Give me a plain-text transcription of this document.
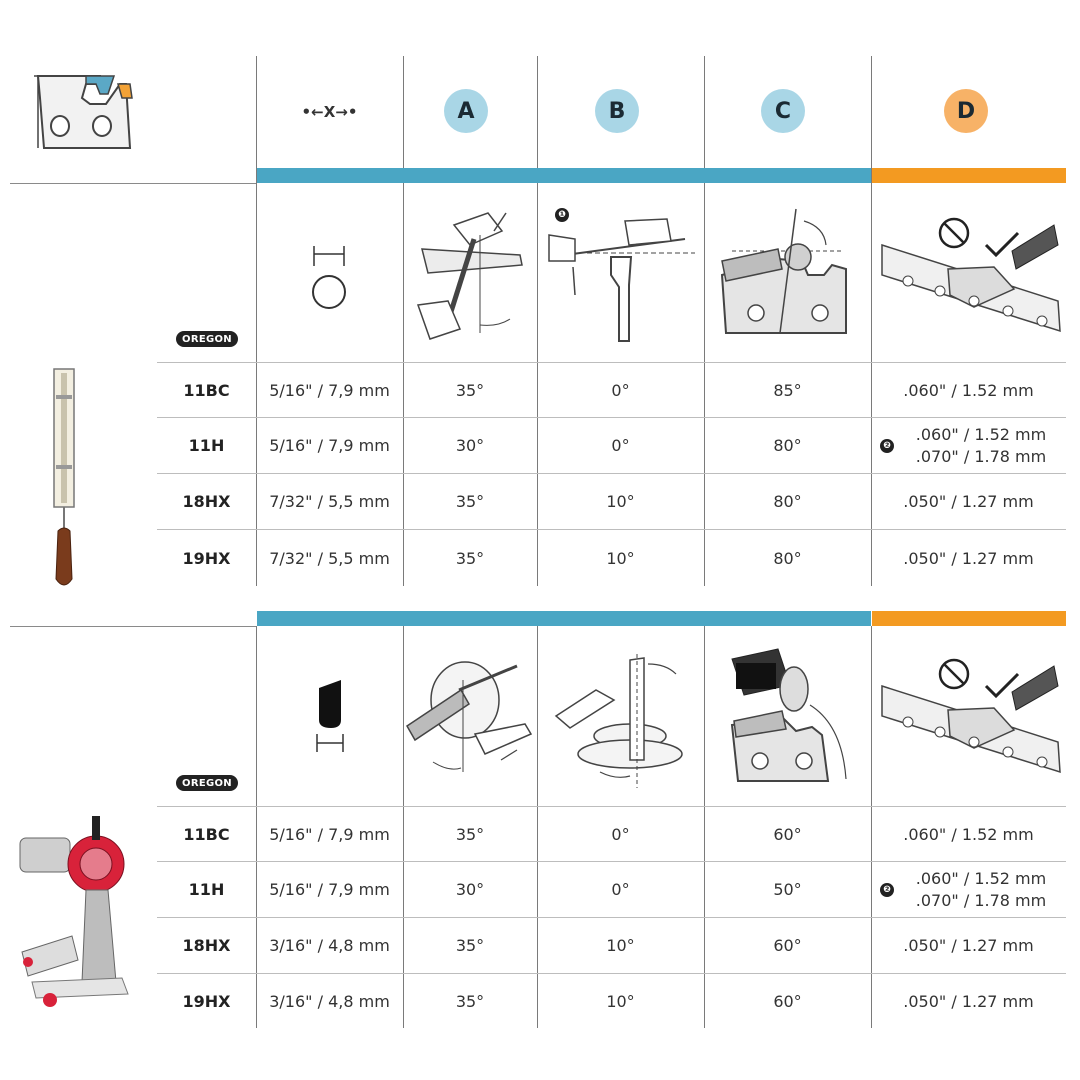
•←X→•	A	B	C	D
❶
OREGON
11BC	5/16" / 7,9 mm	35°	0°	85°	.060" / 1.52 mm
11H	5/16" / 7,9 mm	30°	0°	80°	❷
.060" / 1.52 mm
.070" / 1.78 mm
18HX	7/32" / 5,5 mm	35°	10°	80°	.050" / 1.27 mm
19HX	7/32" / 5,5 mm	35°	10°	80°	.050" / 1.27 mm
OREGON
11BC	5/16" / 7,9 mm	35°	0°	60°	.060" / 1.52 mm
11H	5/16" / 7,9 mm	30°	0°	50°	❷
.060" / 1.52 mm
.070" / 1.78 mm
18HX	3/16" / 4,8 mm	35°	10°	60°	.050" / 1.27 mm
19HX	3/16" / 4,8 mm	35°	10°	60°	.050" / 1.27 mm
